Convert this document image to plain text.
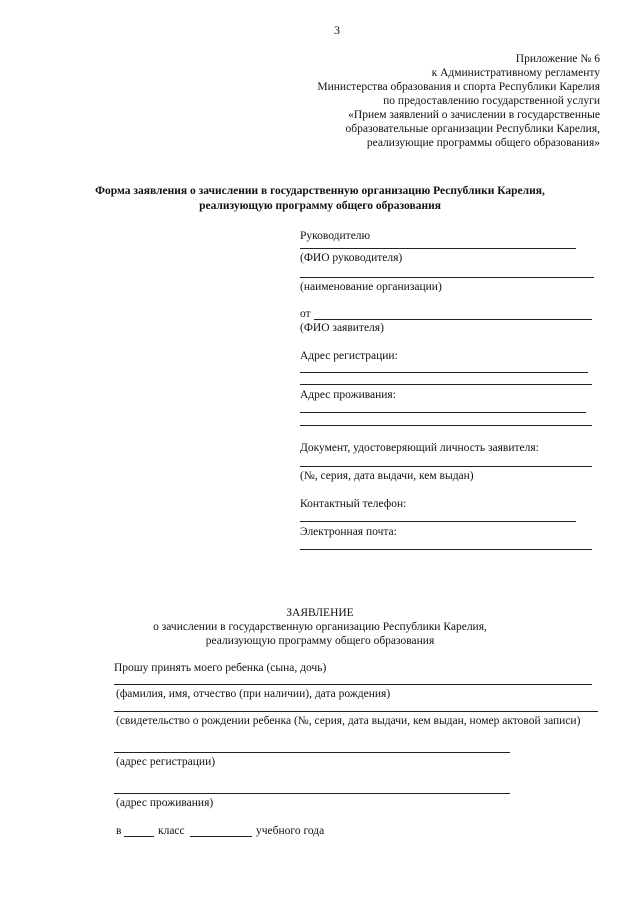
3
Приложение № 6
к Административному регламенту
Министерства образования и спорта Республики Карелия
по предоставлению государственной услуги
«Прием заявлений о зачислении в государственные
образовательные организации Республики Карелия,
реализующие программы общего образования»
Форма заявления о зачислении в государственную организацию Республики Карелия,
реализующую программу общего образования
Руководителю
(ФИО руководителя)
(наименование организации)
от
(ФИО заявителя)
Адрес регистрации:
Адрес проживания:
Документ, удостоверяющий личность заявителя:
(№, серия, дата выдачи, кем выдан)
Контактный телефон:
Электронная почта:
ЗАЯВЛЕНИЕ
о зачислении в государственную организацию Республики Карелия,
реализующую программу общего образования
Прошу принять моего ребенка (сына, дочь)
(фамилия, имя, отчество (при наличии), дата рождения)
(свидетельство о рождении ребенка (№, серия, дата выдачи, кем выдан, номер актовой записи)
(адрес регистрации)
(адрес проживания)
в	класс	учебного года
